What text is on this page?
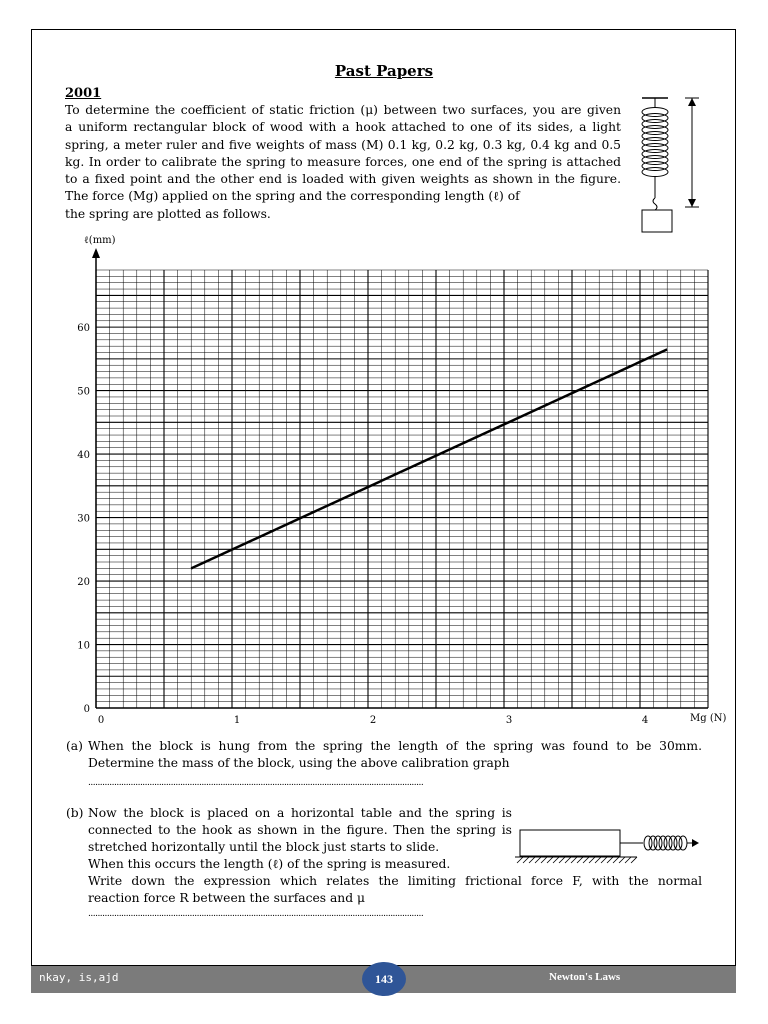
Past Papers
2001
To determine the coefficient of static friction (μ) between two surfaces, you are given
a uniform rectangular block of wood with a hook attached to one of its sides, a light
spring, a meter ruler and five weights of mass (M) 0.1 kg, 0.2 kg, 0.3 kg, 0.4 kg and 0.5
kg. In order to calibrate the spring to measure forces, one end of the spring is attached
to a fixed point and the other end is loaded with given weights as shown in the figure.
The force (Mg) applied on the spring and the corresponding length (ℓ) of
the spring are plotted as follows.
0	1	2	3	4
0
10
20
30
40
50
60
ℓ(mm)
Mg (N)
(a) When the block is hung from the spring the length of the spring was found to be 30mm.
Determine the mass of the block, using the above calibration graph
..............................................................................................................................................
(b) Now the block is placed on a horizontal table and the spring is
connected to the hook as shown in the figure. Then the spring is
stretched horizontally until the block just starts to slide.
When this occurs the length (ℓ) of the spring is measured.
Write down the expression which relates the limiting frictional force F, with the normal
reaction force R between the surfaces and μ
..............................................................................................................................................
nkay, is,ajd	Newton's Laws
143
